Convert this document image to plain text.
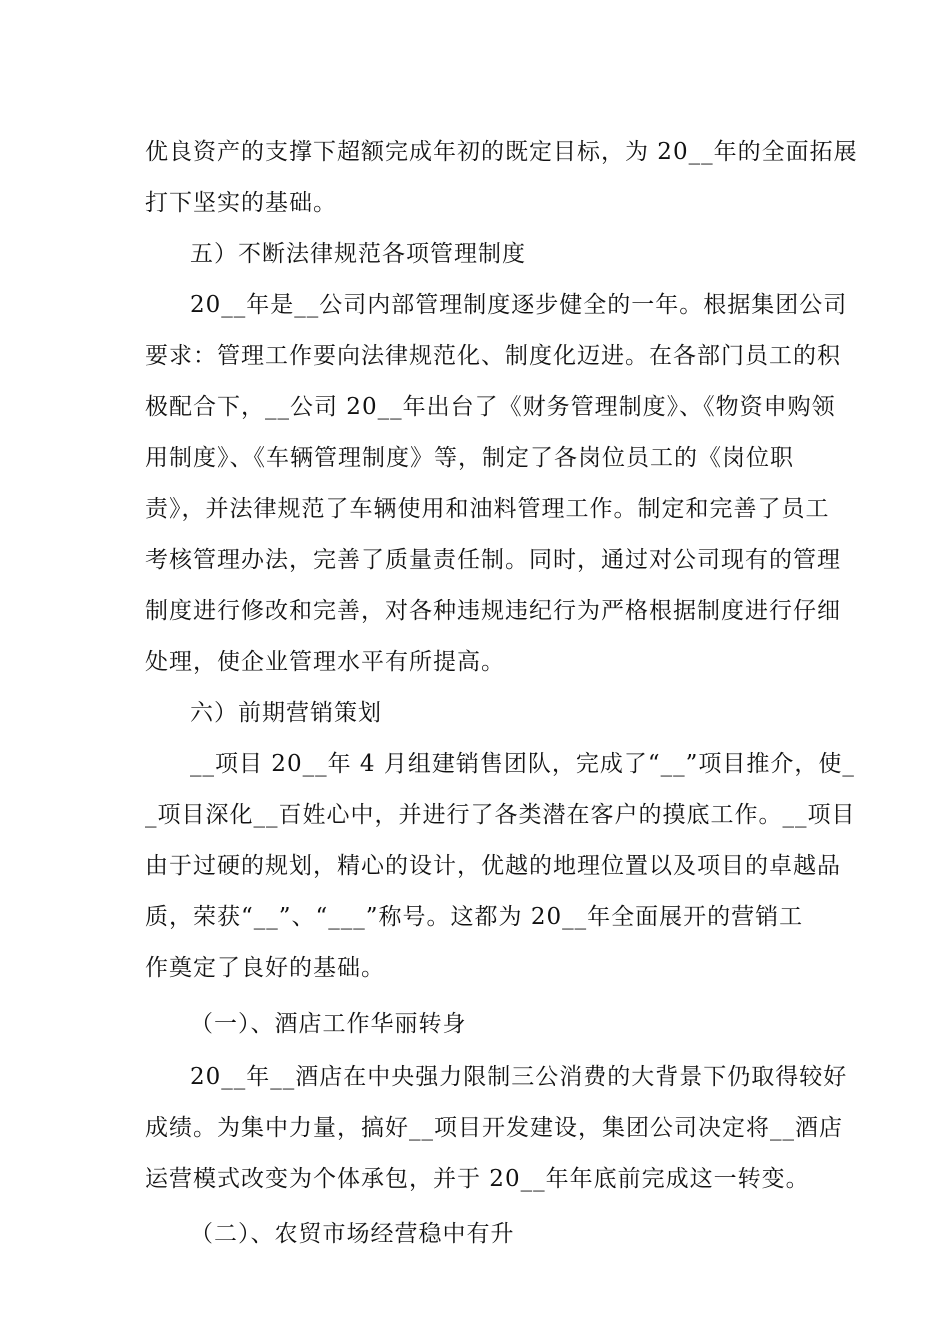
优良资产的支撑下超额完成年初的既定目标，为 20__年的全面拓展
打下坚实的基础。
五）不断法律规范各项管理制度
20__年是__公司内部管理制度逐步健全的一年。根据集团公司
要求：管理工作要向法律规范化、制度化迈进。在各部门员工的积
极配合下，__公司 20__年出台了《财务管理制度》、《物资申购领
用制度》、《车辆管理制度》等，制定了各岗位员工的《岗位职
责》，并法律规范了车辆使用和油料管理工作。制定和完善了员工
考核管理办法，完善了质量责任制。同时，通过对公司现有的管理
制度进行修改和完善，对各种违规违纪行为严格根据制度进行仔细
处理，使企业管理水平有所提高。
六）前期营销策划
__项目 20__年 4 月组建销售团队，完成了“__”项目推介，使_
_项目深化__百姓心中，并进行了各类潜在客户的摸底工作。__项目
由于过硬的规划，精心的设计，优越的地理位置以及项目的卓越品
质，荣获“__”、“___”称号。这都为 20__年全面展开的营销工
作奠定了良好的基础。
（一）、酒店工作华丽转身
20__年__酒店在中央强力限制三公消费的大背景下仍取得较好
成绩。为集中力量，搞好__项目开发建设，集团公司决定将__酒店
运营模式改变为个体承包，并于 20__年年底前完成这一转变。
（二）、农贸市场经营稳中有升
